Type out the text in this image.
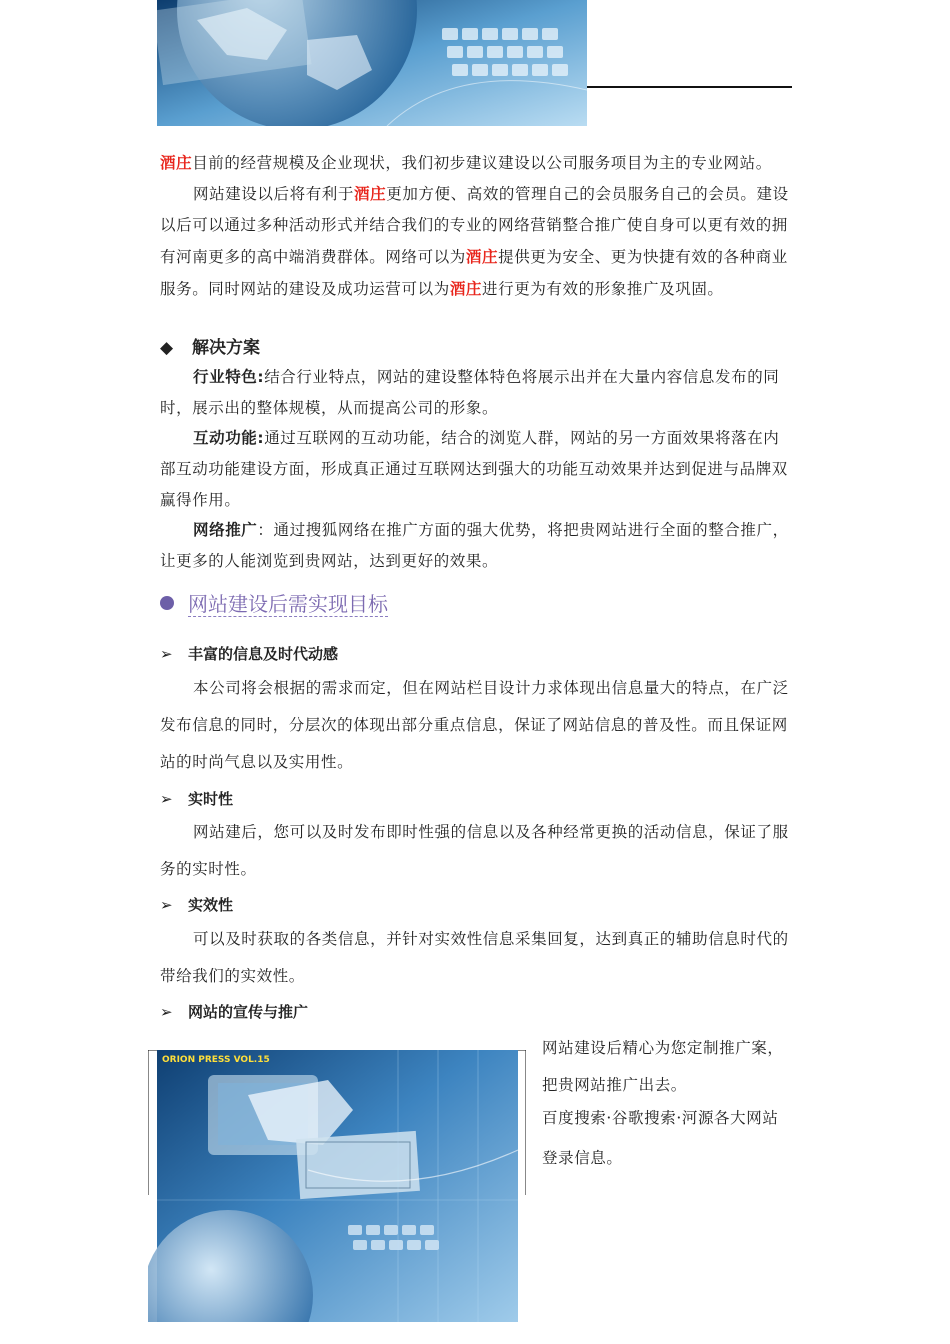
酒庄目前的经营规模及企业现状，我们初步建议建设以公司服务项目为主的专业网站。

网站建设以后将有利于酒庄更加方便、高效的管理自己的会员服务自己的会员。建设以后可以通过多种活动形式并结合我们的专业的网络营销整合推广使自身可以更有效的拥有河南更多的高中端消费群体。网络可以为酒庄提供更为安全、更为快捷有效的各种商业服务。同时网站的建设及成功运营可以为酒庄进行更为有效的形象推广及巩固。

◆ 解决方案

行业特色:结合行业特点，网站的建设整体特色将展示出并在大量内容信息发布的同时，展示出的整体规模，从而提高公司的形象。

互动功能:通过互联网的互动功能，结合的浏览人群，网站的另一方面效果将落在内部互动功能建设方面，形成真正通过互联网达到强大的功能互动效果并达到促进与品牌双赢得作用。

网络推广：通过搜狐网络在推广方面的强大优势，将把贵网站进行全面的整合推广，让更多的人能浏览到贵网站，达到更好的效果。

网站建设后需实现目标
➢ 丰富的信息及时代动感

本公司将会根据的需求而定，但在网站栏目设计力求体现出信息量大的特点，在广泛发布信息的同时，分层次的体现出部分重点信息，保证了网站信息的普及性。而且保证网站的时尚气息以及实用性。

➢ 实时性

网站建后，您可以及时发布即时性强的信息以及各种经常更换的活动信息，保证了服务的实时性。

➢ 实效性

可以及时获取的各类信息，并针对实效性信息采集回复，达到真正的辅助信息时代的带给我们的实效性。

➢ 网站的宣传与推广
ORION PRESS VOL.15
网站建设后精心为您定制推广案，
把贵网站推广出去。
百度搜索·谷歌搜索·河源各大网站
登录信息。
